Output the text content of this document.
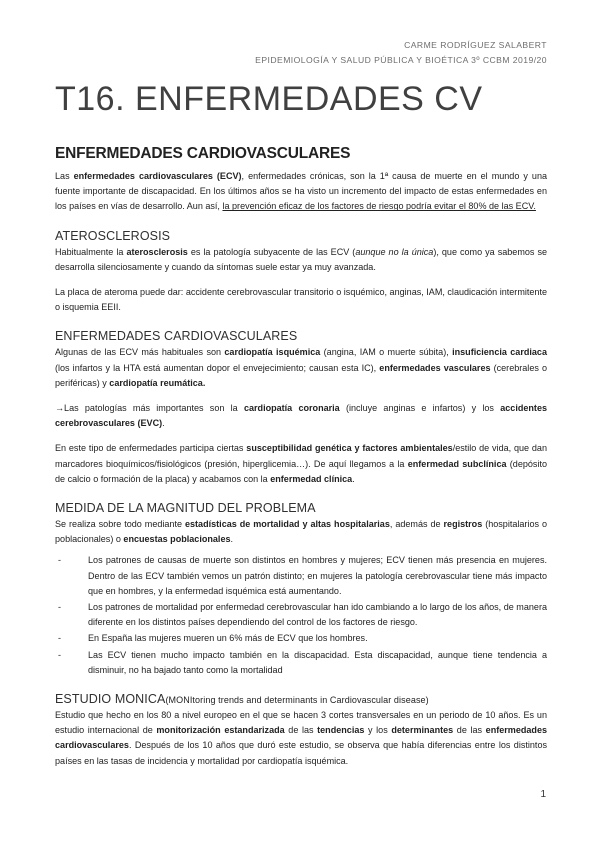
CARME RODRÍGUEZ SALABERT
EPIDEMIOLOGÍA Y SALUD PÚBLICA Y BIOÉTICA 3º CCBM 2019/20
T16. ENFERMEDADES CV
ENFERMEDADES CARDIOVASCULARES

Las enfermedades cardiovasculares (ECV), enfermedades crónicas, son la 1ª causa de muerte en el mundo y una fuente importante de discapacidad. En los últimos años se ha visto un incremento del impacto de estas enfermedades en los países en vías de desarrollo. Aun así, la prevención eficaz de los factores de riesgo podría evitar el 80% de las ECV.

ATEROSCLEROSIS

Habitualmente la aterosclerosis es la patología subyacente de las ECV (aunque no la única), que como ya sabemos se desarrolla silenciosamente y cuando da síntomas suele estar ya muy avanzada.

La placa de ateroma puede dar: accidente cerebrovascular transitorio o isquémico, anginas, IAM, claudicación intermitente o isquemia EEII.

ENFERMEDADES CARDIOVASCULARES

Algunas de las ECV más habituales son cardiopatía isquémica (angina, IAM o muerte súbita), insuficiencia cardiaca (los infartos y la HTA está aumentan dopor el envejecimiento; causan esta IC), enfermedades vasculares (cerebrales o periféricas) y cardiopatía reumática.

→Las patologías más importantes son la cardiopatía coronaria (incluye anginas e infartos) y los accidentes cerebrovasculares (EVC).

En este tipo de enfermedades participa ciertas susceptibilidad genética y factores ambientales/estilo de vida, que dan marcadores bioquímicos/fisiológicos (presión, hiperglicemia…). De aquí llegamos a la enfermedad subclínica (depósito de calcio o formación de la placa) y acabamos con la enfermedad clínica.

MEDIDA DE LA MAGNITUD DEL PROBLEMA

Se realiza sobre todo mediante estadísticas de mortalidad y altas hospitalarias, además de registros (hospitalarios o poblacionales) o encuestas poblacionales.

-	Los patrones de causas de muerte son distintos en hombres y mujeres; ECV tienen más presencia en mujeres. Dentro de las ECV también vemos un patrón distinto; en mujeres la patología cerebrovascular tiene más impacto que en hombres, y la enfermedad isquémica está aumentando.
-	Los patrones de mortalidad por enfermedad cerebrovascular han ido cambiando a lo largo de los años, de manera diferente en los distintos países dependiendo del control de los factores de riesgo.
-	En España las mujeres mueren un 6% más de ECV que los hombres.
-	Las ECV tienen mucho impacto también en la discapacidad. Esta discapacidad, aunque tiene tendencia a disminuir, no ha bajado tanto como la mortalidad
ESTUDIO MONICA(MONItoring trends and determinants in Cardiovascular disease)

Estudio que hecho en los 80 a nivel europeo en el que se hacen 3 cortes transversales en un periodo de 10 años. Es un estudio internacional de monitorización estandarizada de las tendencias y los determinantes de las enfermedades cardiovasculares. Después de los 10 años que duró este estudio, se observa que había diferencias entre los distintos países en las tasas de incidencia y mortalidad por cardiopatía isquémica.

1
